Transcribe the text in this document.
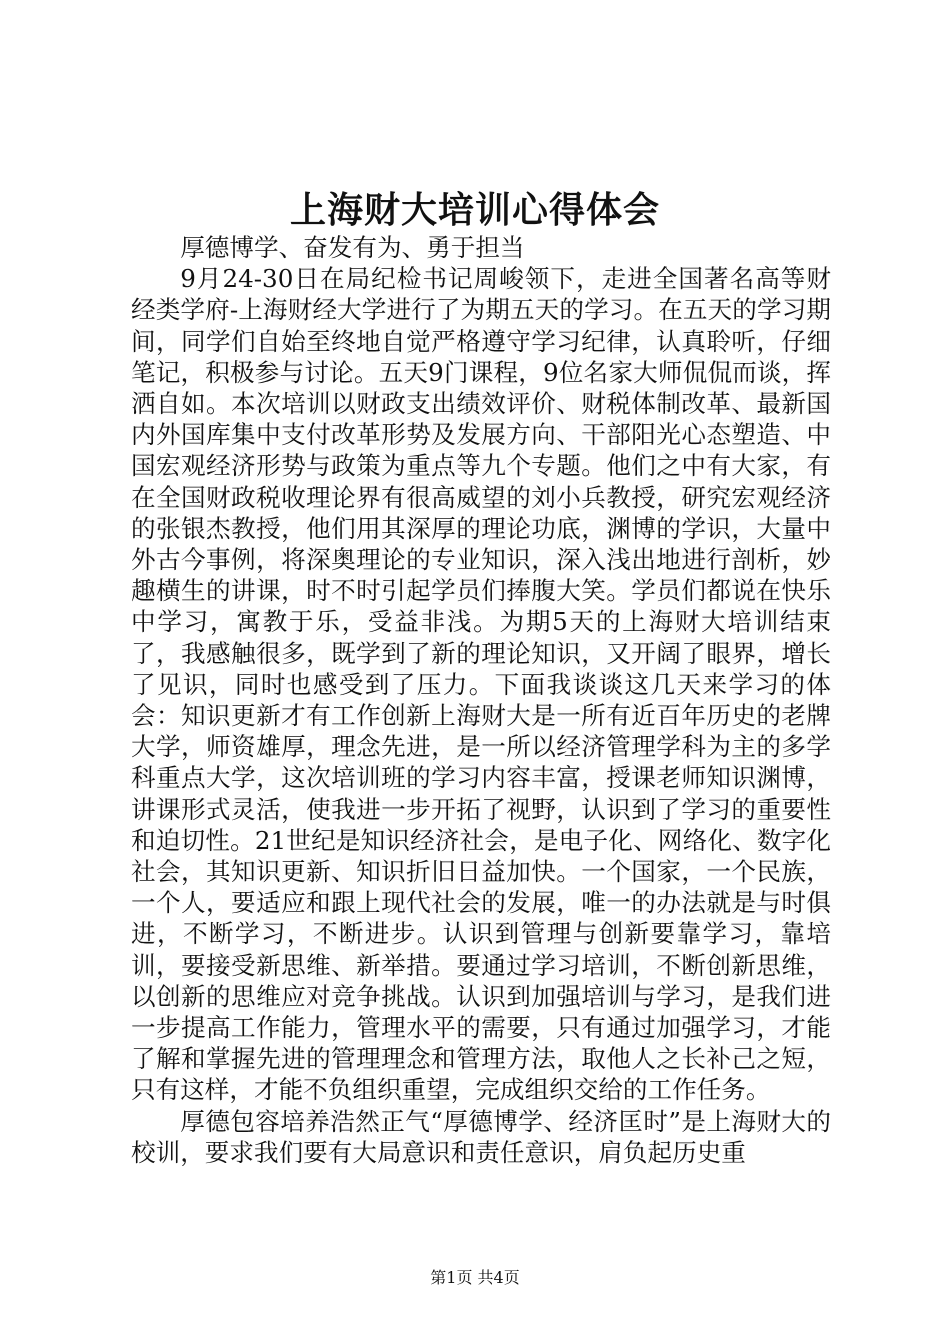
上海财大培训心得体会

厚德博学、奋发有为、勇于担当

9月24-30日在局纪检书记周峻领下，走进全国著名高等财经类学府-上海财经大学进行了为期五天的学习。在五天的学习期间，同学们自始至终地自觉严格遵守学习纪律，认真聆听，仔细笔记，积极参与讨论。五天9门课程，9位名家大师侃侃而谈，挥洒自如。本次培训以财政支出绩效评价、财税体制改革、最新国内外国库集中支付改革形势及发展方向、干部阳光心态塑造、中国宏观经济形势与政策为重点等九个专题。他们之中有大家，有在全国财政税收理论界有很高威望的刘小兵教授，研究宏观经济的张银杰教授，他们用其深厚的理论功底，渊博的学识，大量中外古今事例，将深奥理论的专业知识，深入浅出地进行剖析，妙趣横生的讲课，时不时引起学员们捧腹大笑。学员们都说在快乐中学习，寓教于乐，受益非浅。为期5天的上海财大培训结束了，我感触很多，既学到了新的理论知识，又开阔了眼界，增长了见识，同时也感受到了压力。下面我谈谈这几天来学习的体会：知识更新才有工作创新上海财大是一所有近百年历史的老牌大学，师资雄厚，理念先进，是一所以经济管理学科为主的多学科重点大学，这次培训班的学习内容丰富，授课老师知识渊博，讲课形式灵活，使我进一步开拓了视野，认识到了学习的重要性和迫切性。21世纪是知识经济社会，是电子化、网络化、数字化社会，其知识更新、知识折旧日益加快。一个国家，一个民族，一个人，要适应和跟上现代社会的发展，唯一的办法就是与时俱进，不断学习，不断进步。认识到管理与创新要靠学习，靠培训，要接受新思维、新举措。要通过学习培训，不断创新思维，以创新的思维应对竞争挑战。认识到加强培训与学习，是我们进一步提高工作能力，管理水平的需要，只有通过加强学习，才能了解和掌握先进的管理理念和管理方法，取他人之长补己之短，只有这样，才能不负组织重望，完成组织交给的工作任务。

厚德包容培养浩然正气“厚德博学、经济匡时”是上海财大的校训，要求我们要有大局意识和责任意识，肩负起历史重

第1页 共4页
